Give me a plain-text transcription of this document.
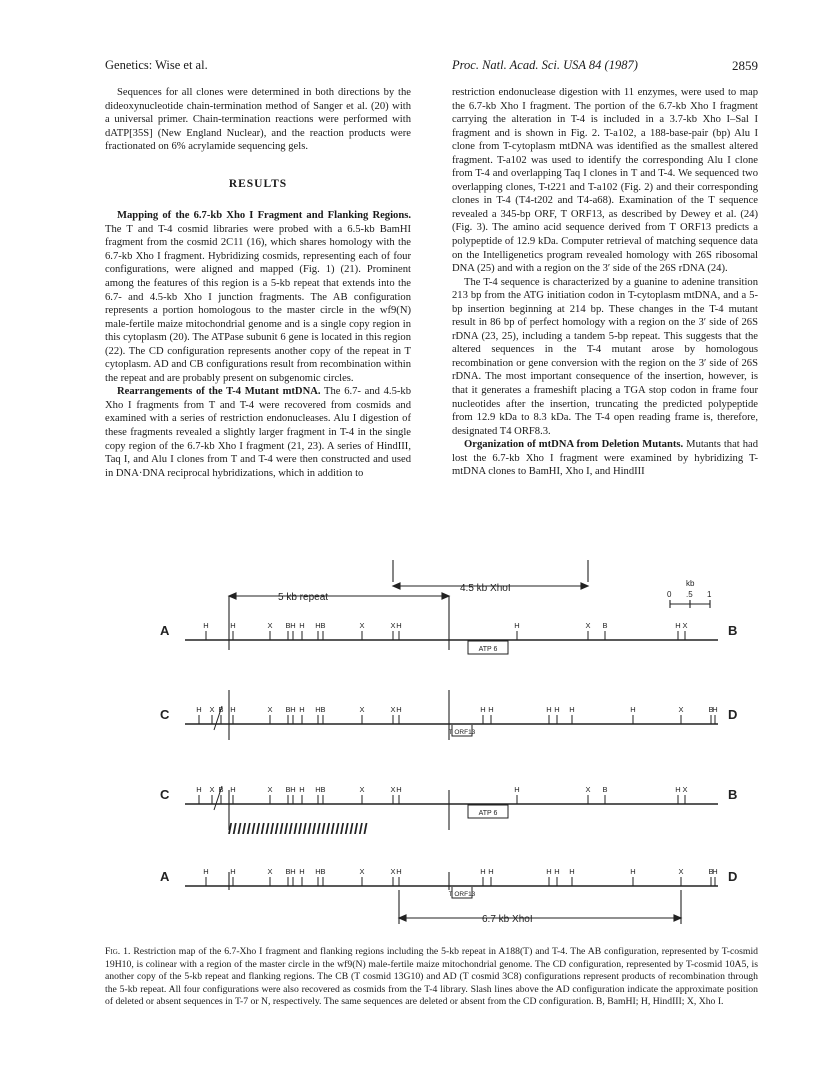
Genetics: Wise et al.	Proc. Natl. Acad. Sci. USA 84 (1987)	2859

Sequences for all clones were determined in both directions by the dideoxynucleotide chain-termination method of Sanger et al. (20) with a universal primer. Chain-termination reactions were performed with dATP[35S] (New England Nuclear), and the reaction products were fractionated on 6% acrylamide sequencing gels.

RESULTS

Mapping of the 6.7-kb Xho I Fragment and Flanking Regions. The T and T-4 cosmid libraries were probed with a 6.5-kb BamHI fragment from the cosmid 2C11 (16), which shares homology with the 6.7-kb Xho I fragment. Hybridizing cosmids, representing each of four configurations, were aligned and mapped (Fig. 1) (21). Prominent among the features of this region is a 5-kb repeat that extends into the 6.7- and 4.5-kb Xho I junction fragments. The AB configuration represents a portion homologous to the master circle in the wf9(N) male-fertile maize mitochondrial genome and is a single copy region in this cytoplasm (20). The ATPase subunit 6 gene is located in this region (22). The CD configuration represents another copy of the repeat in T cytoplasm. AD and CB configurations result from recombination within the repeat and are probably present on subgenomic circles.

Rearrangements of the T-4 Mutant mtDNA. The 6.7- and 4.5-kb Xho I fragments from T and T-4 were recovered from cosmids and examined with a series of restriction endonucleases. Alu I digestion of these fragments revealed a slightly larger fragment in T-4 in the single copy region of the 6.7-kb Xho I fragment (21, 23). A series of HindIII, Taq I, and Alu I clones from T and T-4 were then constructed and used in DNA·DNA reciprocal hybridizations, which in addition to

restriction endonuclease digestion with 11 enzymes, were used to map the 6.7-kb Xho I fragment. The portion of the 6.7-kb Xho I fragment carrying the alteration in T-4 is included in a 3.7-kb Xho I–Sal I fragment and is shown in Fig. 2. T-a102, a 188-base-pair (bp) Alu I clone from T-cytoplasm mtDNA was identified as the smallest altered fragment. T-a102 was used to identify the corresponding Alu I clone from T-4 and overlapping Taq I clones in T and T-4. We sequenced two overlapping clones, T-t221 and T-a102 (Fig. 2) and their corresponding clones in T-4 (T4-t202 and T4-a68). Examination of the T sequence revealed a 345-bp ORF, T ORF13, as described by Dewey et al. (24) (Fig. 3). The amino acid sequence derived from T ORF13 predicts a polypeptide of 12.9 kDa. Computer retrieval of matching sequence data on the Intelligenetics program revealed homology with 26S ribosomal DNA (25) and with a region on the 3′ side of the 26S rDNA (24).

The T-4 sequence is characterized by a guanine to adenine transition 213 bp from the ATG initiation codon in T-cytoplasm mtDNA, and a 5-bp insertion beginning at 214 bp. These changes in the T-4 mutant result in 86 bp of perfect homology with a region on the 3′ side of 26S rDNA (23, 25), including a tandem 5-bp repeat. This suggests that the altered sequences in the T-4 mutant arose by homologous recombination or gene conversion with the region on the 3′ side of 26S rDNA. The most important consequence of the insertion, however, is that it generates a frameshift placing a TGA stop codon in frame four nucleotides after the insertion, truncating the predicted polypeptide from 12.9 kDa to 8.3 kDa. The T-4 open reading frame is, therefore, designated T4 ORF8.3.

Organization of mtDNA from Deletion Mutants. Mutants that had lost the 6.7-kb Xho I fragment were examined by hybridizing T-mtDNA clones to BamHI, Xho I, and HindIII

//////////////////////////////
4.5 kb XhoI
5 kb repeat
6.7 kb XhoI
kb
0 .5 1
A	B
H	H	X B H H H B	X	X H	H	X B	H X
ATP 6
C	D
H X B H	X B H H H B	X	X H	H H	H H H	H	X	B
H
T ORF13
C	B
H X B H	X B H H H B	X	X H	H	X B	H X
ATP 6
A	D
H	H	X B H H H B	X	X H	H H	H H H	H	X	B
H
T ORF13
Fig. 1. Restriction map of the 6.7-Xho I fragment and flanking regions including the 5-kb repeat in A188(T) and T-4. The AB configuration, represented by T-cosmid 19H10, is colinear with a region of the master circle in the wf9(N) male-fertile maize mitochondrial genome. The CD configuration, represented by T-cosmid 10A5, is another copy of the 5-kb repeat and flanking regions. The CB (T cosmid 13G10) and AD (T cosmid 3C8) configurations represent products of recombination through the 5-kb repeat. All four configurations were also recovered as cosmids from the T-4 library. Slash lines above the AD configuration indicate the approximate position of deleted or absent sequences in T-7 or N, respectively. The same sequences are deleted or absent from the CD configuration. B, BamHI; H, HindIII; X, Xho I.
